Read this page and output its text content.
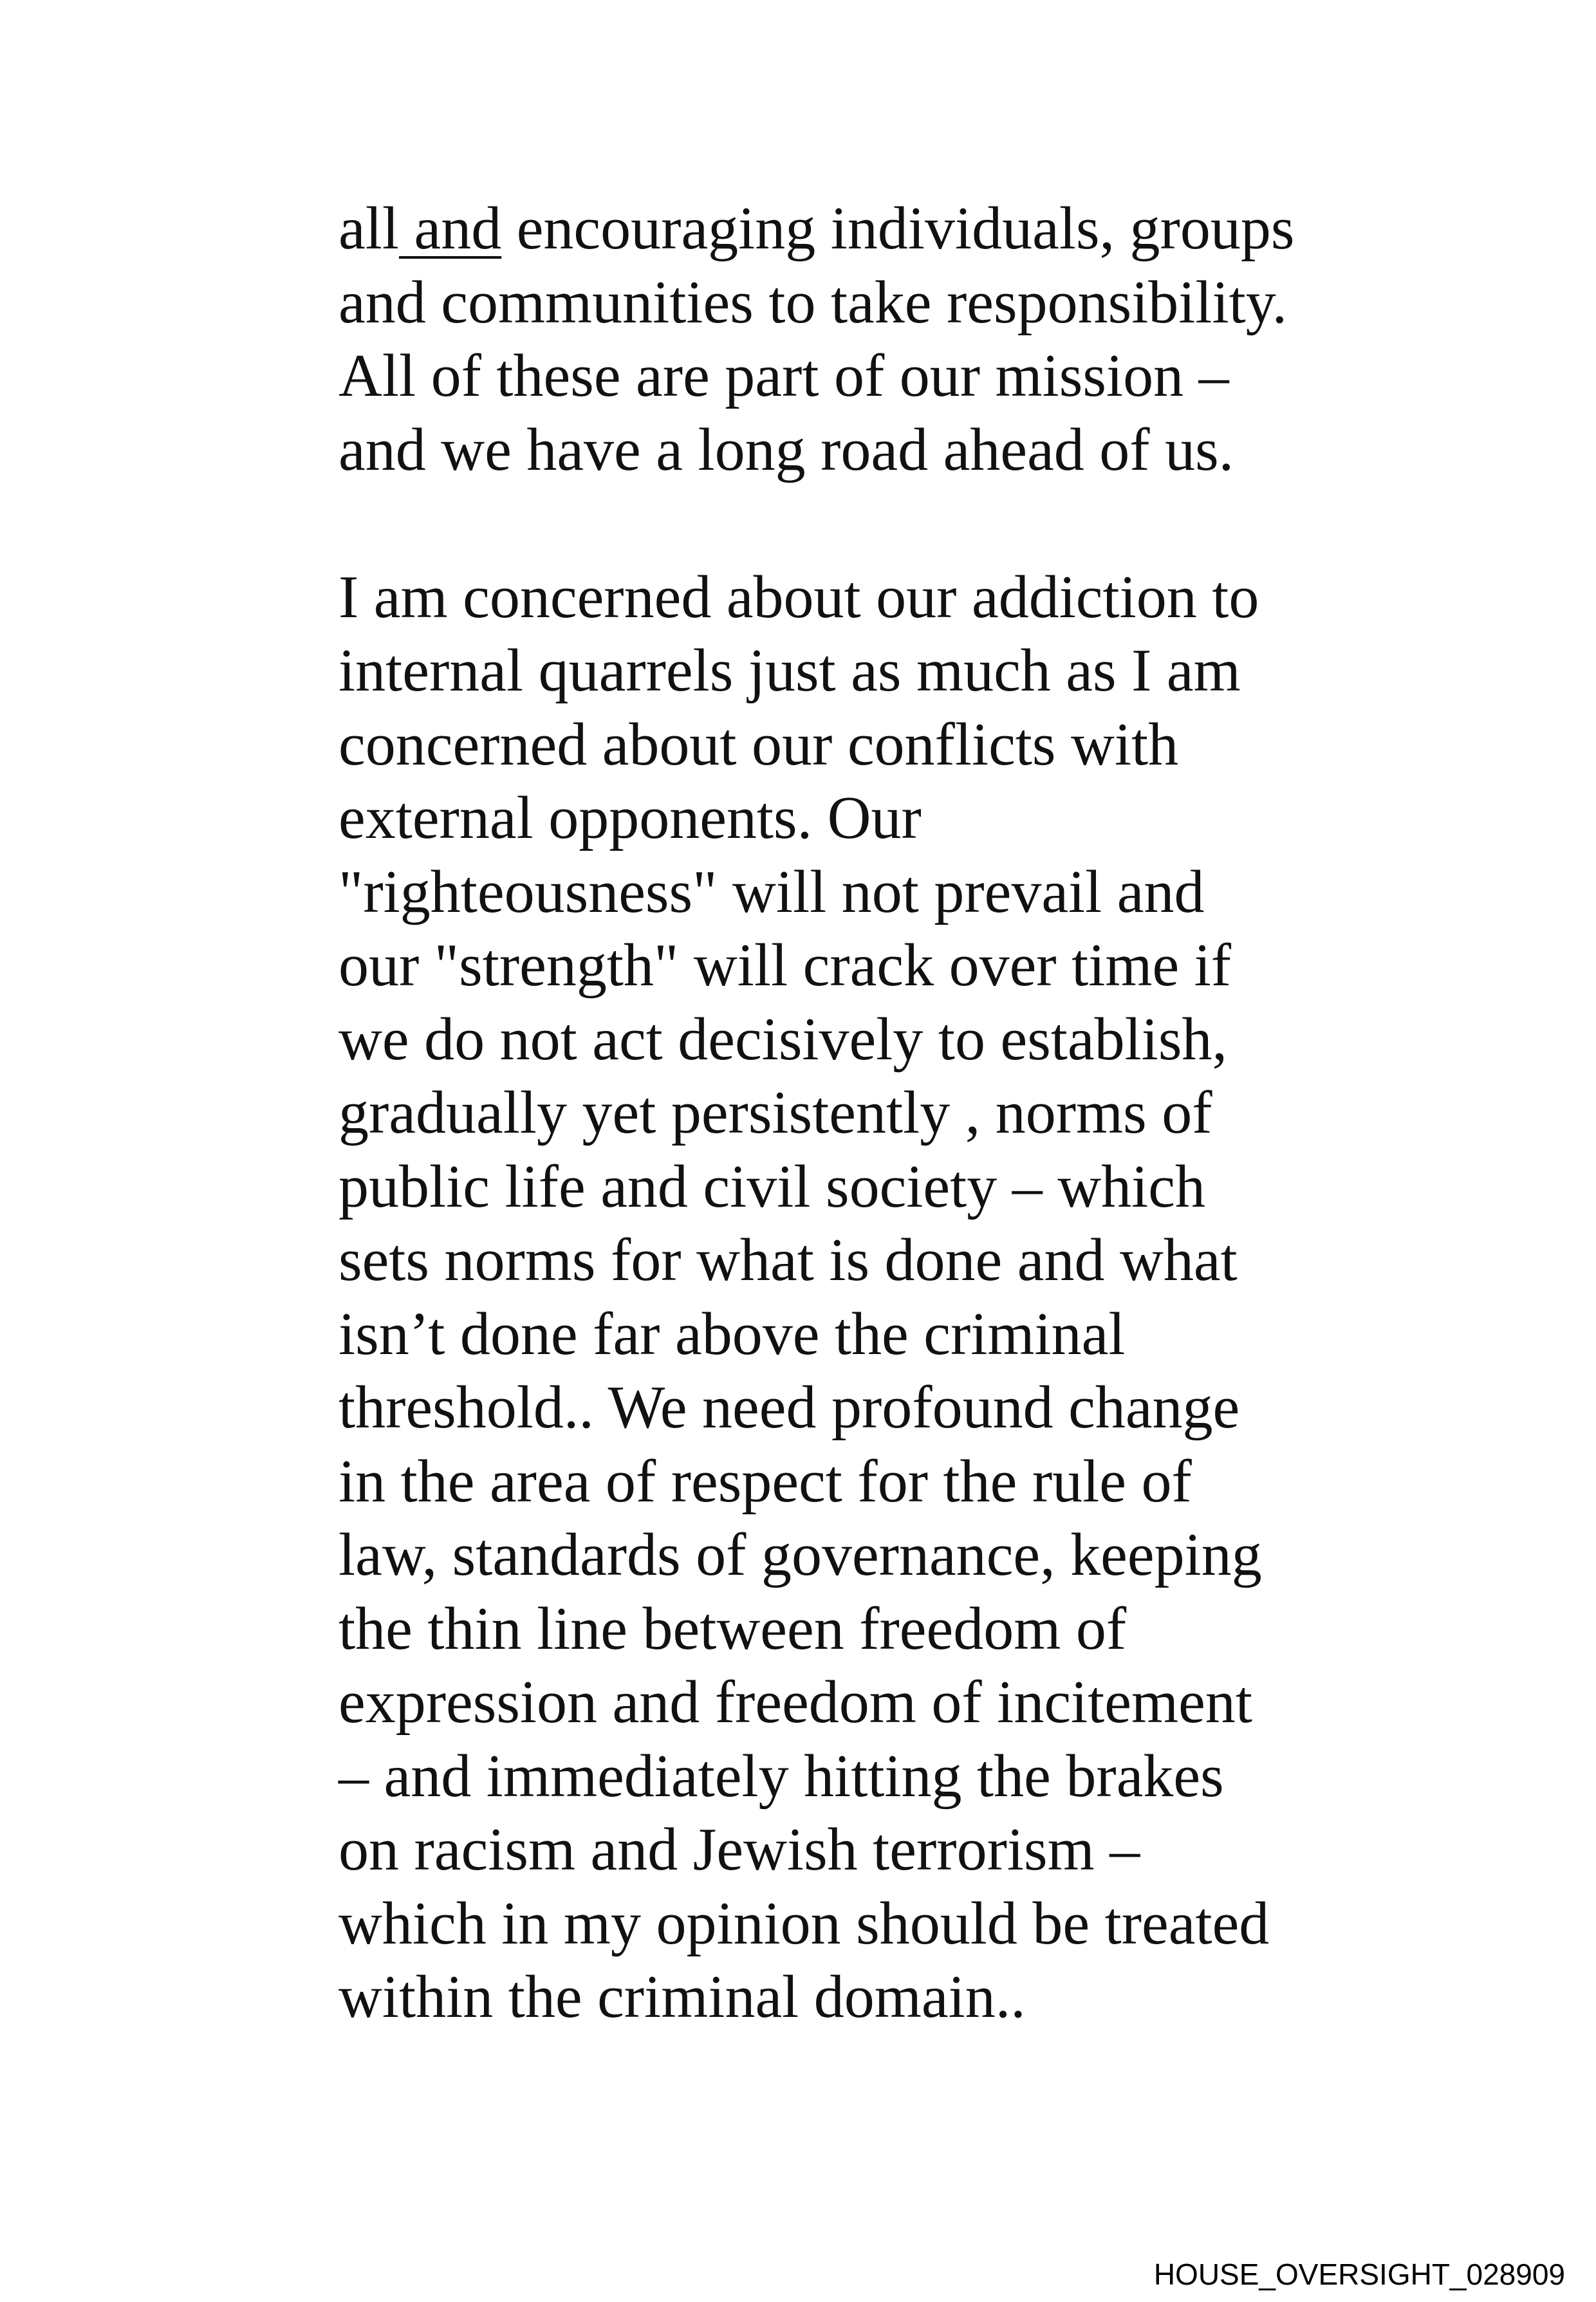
all and encouraging individuals, groups
and communities to take responsibility.
All of these are part of our mission –
and we have a long road ahead of us.

I am concerned about our addiction to
internal quarrels just as much as I am
concerned about our conflicts with
external opponents. Our
"righteousness" will not prevail and
our "strength" will crack over time if
we do not act decisively to establish,
gradually yet persistently , norms of
public life and civil society – which
sets norms for what is done and what
isn’t done far above the criminal
threshold.. We need profound change
in the area of respect for the rule of
law, standards of governance, keeping
the thin line between freedom of
expression and freedom of incitement
– and immediately hitting the brakes
on racism and Jewish terrorism –
which in my opinion should be treated
within the criminal domain..

HOUSE_OVERSIGHT_028909
